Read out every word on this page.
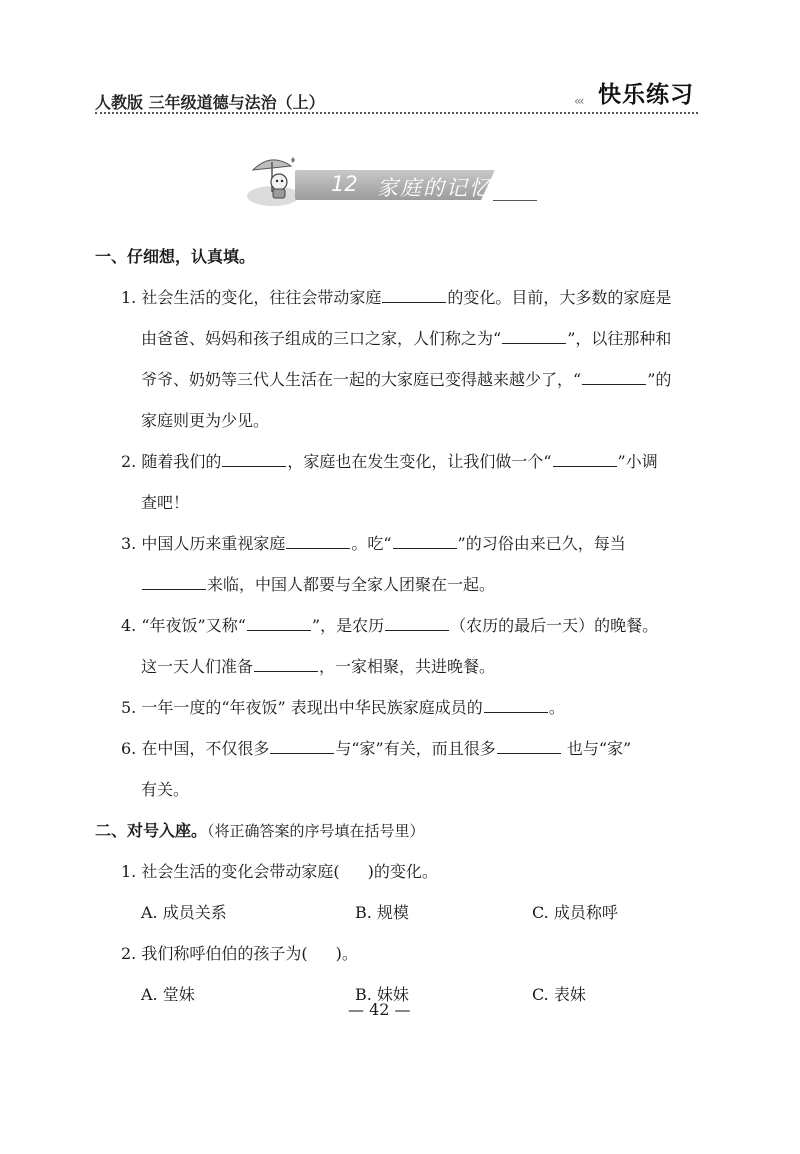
人教版 三年级道德与法治（上）	‹‹‹ 快乐练习
12 家庭的记忆
一、仔细想，认真填。
1. 社会生活的变化，往往会带动家庭	的变化。目前，大多数的家庭是
由爸爸、妈妈和孩子组成的三口之家，人们称之为“	”，以往那种和
爷爷、奶奶等三代人生活在一起的大家庭已变得越来越少了，“	”的
家庭则更为少见。
2. 随着我们的	，家庭也在发生变化，让我们做一个“	”小调
查吧！
3. 中国人历来重视家庭	。吃“	”的习俗由来已久，每当
来临，中国人都要与全家人团聚在一起。
4. “年夜饭”又称“	”，是农历	（农历的最后一天）的晚餐。
这一天人们准备	，一家相聚，共进晚餐。
5. 一年一度的“年夜饭” 表现出中华民族家庭成员的	。
6. 在中国，不仅很多	与“家”有关，而且很多	也与“家”
有关。
二、对号入座。（将正确答案的序号填在括号里）
1. 社会生活的变化会带动家庭( )的变化。
A. 成员关系	B. 规模	C. 成员称呼
2. 我们称呼伯伯的孩子为( )。
A. 堂妹	B. 妹妹	C. 表妹
— 42 —
